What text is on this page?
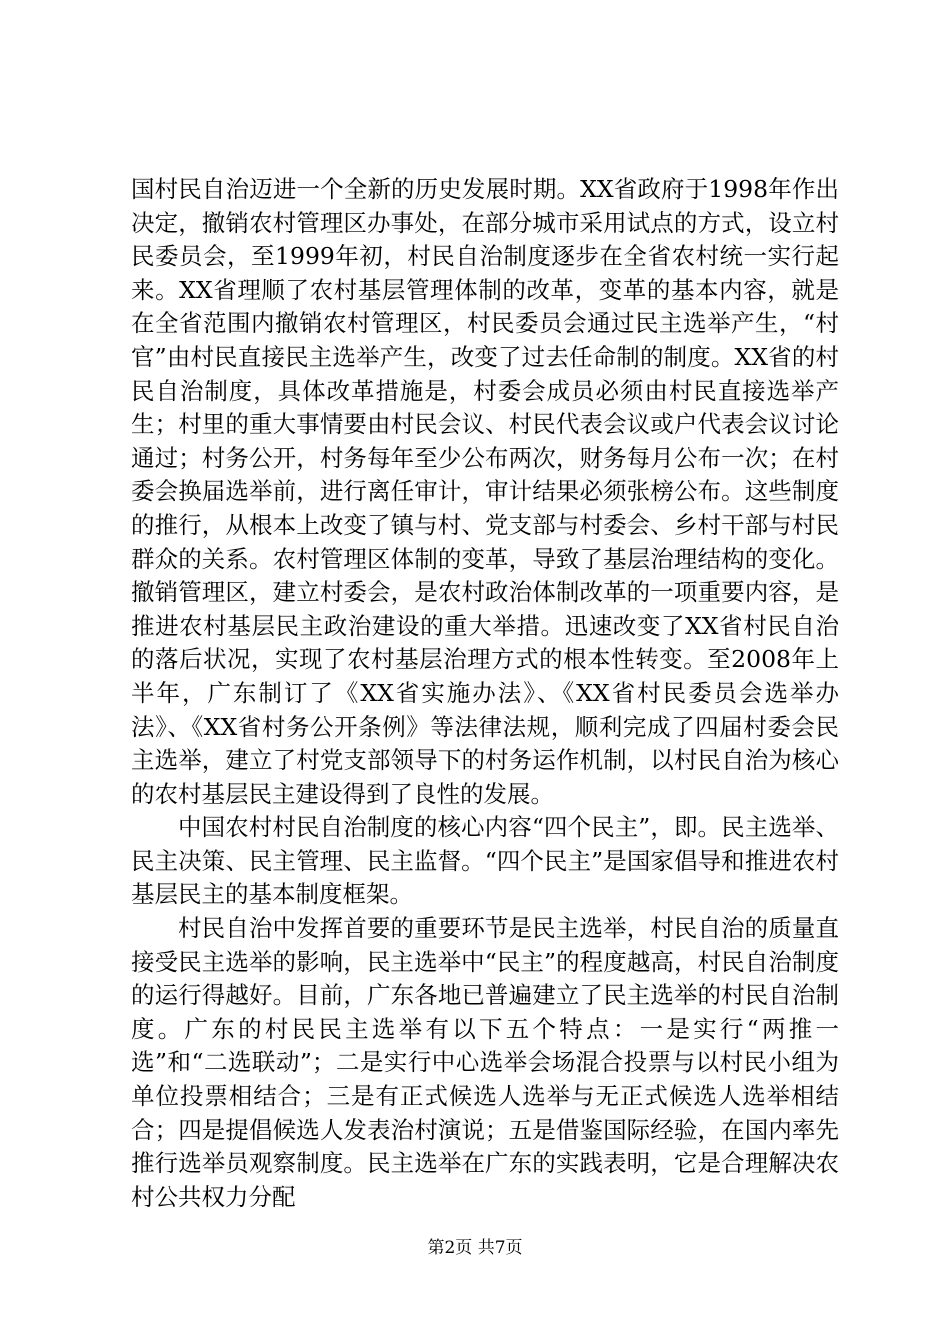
国村民自治迈进一个全新的历史发展时期。XX省政府于1998年作出决定，撤销农村管理区办事处，在部分城市采用试点的方式，设立村民委员会，至1999年初，村民自治制度逐步在全省农村统一实行起来。XX省理顺了农村基层管理体制的改革，变革的基本内容，就是在全省范围内撤销农村管理区，村民委员会通过民主选举产生，“村官”由村民直接民主选举产生，改变了过去任命制的制度。XX省的村民自治制度，具体改革措施是，村委会成员必须由村民直接选举产生；村里的重大事情要由村民会议、村民代表会议或户代表会议讨论通过；村务公开，村务每年至少公布两次，财务每月公布一次；在村委会换届选举前，进行离任审计，审计结果必须张榜公布。这些制度的推行，从根本上改变了镇与村、党支部与村委会、乡村干部与村民群众的关系。农村管理区体制的变革，导致了基层治理结构的变化。撤销管理区，建立村委会，是农村政治体制改革的一项重要内容，是推进农村基层民主政治建设的重大举措。迅速改变了XX省村民自治的落后状况，实现了农村基层治理方式的根本性转变。至2008年上半年，广东制订了《XX省实施办法》、《XX省村民委员会选举办法》、《XX省村务公开条例》等法律法规，顺利完成了四届村委会民主选举，建立了村党支部领导下的村务运作机制，以村民自治为核心的农村基层民主建设得到了良性的发展。

中国农村村民自治制度的核心内容“四个民主”，即。民主选举、民主决策、民主管理、民主监督。“四个民主”是国家倡导和推进农村基层民主的基本制度框架。

村民自治中发挥首要的重要环节是民主选举，村民自治的质量直接受民主选举的影响，民主选举中“民主”的程度越高，村民自治制度的运行得越好。目前，广东各地已普遍建立了民主选举的村民自治制度。广东的村民民主选举有以下五个特点：一是实行“两推一选”和“二选联动”；二是实行中心选举会场混合投票与以村民小组为单位投票相结合；三是有正式候选人选举与无正式候选人选举相结合；四是提倡候选人发表治村演说；五是借鉴国际经验，在国内率先推行选举员观察制度。民主选举在广东的实践表明，它是合理解决农村公共权力分配

第2页 共7页
